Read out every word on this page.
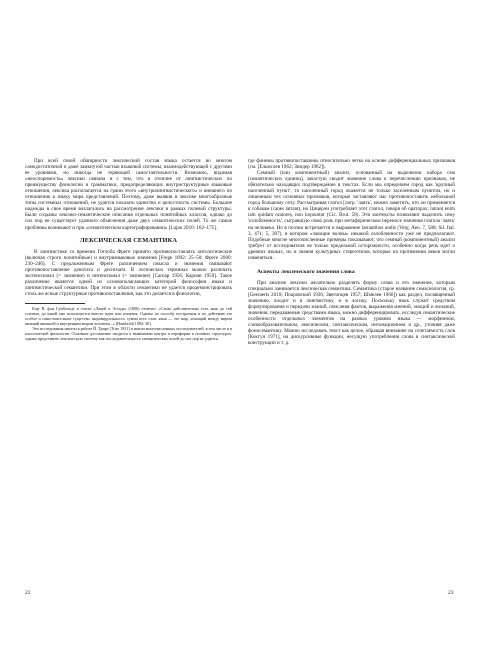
При всей своей обширности лексический состав языка остается во многом самодостаточной и даже замкнутой частью языковой системы, взаимодействующей с другими ее уровнями, но никогда не теряющей самостоятельности. Возможно, видимая «неоспоримость» лексики связана и с тем, что в отличие от лингвистических по преимуществу фонологии и грамматики, предопределяющих внутриструктурные языковые отношения, лексика располагается на грани этого «внутрилингвистического» и внешнего по отношению к языку мира представлений. Поэтому, даже выявив в лексике многообразные типы системных отношений, не удается показать единство и целостность системы. Большие надежды в свое время возлагались на рассмотрение лексики в рамках полевой структуры. Были созданы лексико-семантические описания отдельных понятийных классов, однако до сих пор не существует удачного объяснения даже двух семантических полей. То же самые проблемы возникают и при «семантическом картографировании» [Lujan 2010: 162–175].

ЛЕКСИЧЕСКАЯ СЕМАНТИКА

В лингвистике со времени Готлоба Фреге принято противопоставлять онтологические (включая строго понятийные) и внутриязыковые значения [Frege 1892: 25–50; Фреге 2000: 230–246]. С предложенным Фреге различением смысла и значения связывают противопоставление денотата и десигната. В логических терминах можно различать экстенсионал (= значение) и интенсионал (= значение) [Carnap 1956; Карнап 1959]. Такое различение является одной из основополагающих категорий философии языка и лингвистической семантики. При этом в области семантики не удается продемонстрировать столь же ясные структурные противопоставления, как это делается в фонологии,

Еще В. фон Гумбольдт в статье «Лацей и Эстада» (1806) отмечал: «Слово действительно есть знак до той степени, до какой оно используется вместо идеи или понятия. Однако по способу построения и по действию это особое и самостоятельное существо, индивидуальность, сумма всех слов, язык — это мир, лежащий между миром явлений внешней и внутренним миром человека...» [Humboldt 1984: 30].

Эти исследования начаты в работе Й. Трира [Trier 1931] и имели многочисленных последователей, в том числе и в классической филологии. Основное достижение сводится к выявлению центра и периферии в полевых структурах, однако представить лексическую систему как последовательность семантических полей до сих пор не удается.

22

где фонемы противопоставлены относительно четко на основе дифференциальных признаков (см. [Ельмслев 1962; Зиндер 1962]).

Семный (или компонентный) анализ, основанный на выделении набора сем (семантических единиц), зачастую сводит значение слова к перечислению признаков, не обязательно находящих подтверждение в текстах. Если мы определяем город как 'крупный населенный пункт', то населенный город окажется не только заселенным пунктом, но и лишенным тех основных признаков, которые заставляют нас противопоставить небольшой город большому селу. Рассматривая глагол [латр. 'лаять', можно заметить, что он применяется к собакам (canes latrant), но Цицерон употребляет этот глагол, говоря об ораторах; latrant enim iam quidam oratores, non loquuntur (Cic. Brut. 58). Эти контексты позволяют выделить сему 'озлобленность', сыгравшую свою роль при метафорическом переносе значения глагола 'лаять' на человека. Но в поэзии встречается и выражение latrantibus undis (Verg. Aen. 7, 588; Sil. Ital. 3, 471; 5, 397), в котором «лающие волны» никакой озлобленности уже не предполагают. Подобные многие многочисленные примеры показывают, что семный (компонентный) анализ требует от исследователя не только предельной осторожности, особенно когда речь идет о древних языках, но и знания культурных стереотипов, которые на протяжении веков могли изменяться.

Аспекты лексического значения слова

При анализе лексики желательно разделять форму слова и его значение, которым специально занимается лексическая семантика. Семантика (старое название семасиология, ср. [Geeraerts 2010; Покровский 1936; Звегинцев 1957; Шмелев 1966]) как раздел, посвященный значению, входит и в лингвистику, и в логику. Поскольку язык служит средством формулирования и передачи знаний, описания фактов, выражения мнений, эмоций и желаний, значения, передаваемые средствами языка, можно дифференцировать, исследуя семантические особенности отдельных элементов на разных уровнях языка — морфемном, словообразовательном, лексическом, синтаксическом, интонационном и др., уточняя даже фоносемантику. Можно исследовать текст как целое, обращая внимание на сочетаемость слов [Кокгун 1971], на дискурсивные функции, несущую употребления слова в синтаксической конструкции и т. д.

23
